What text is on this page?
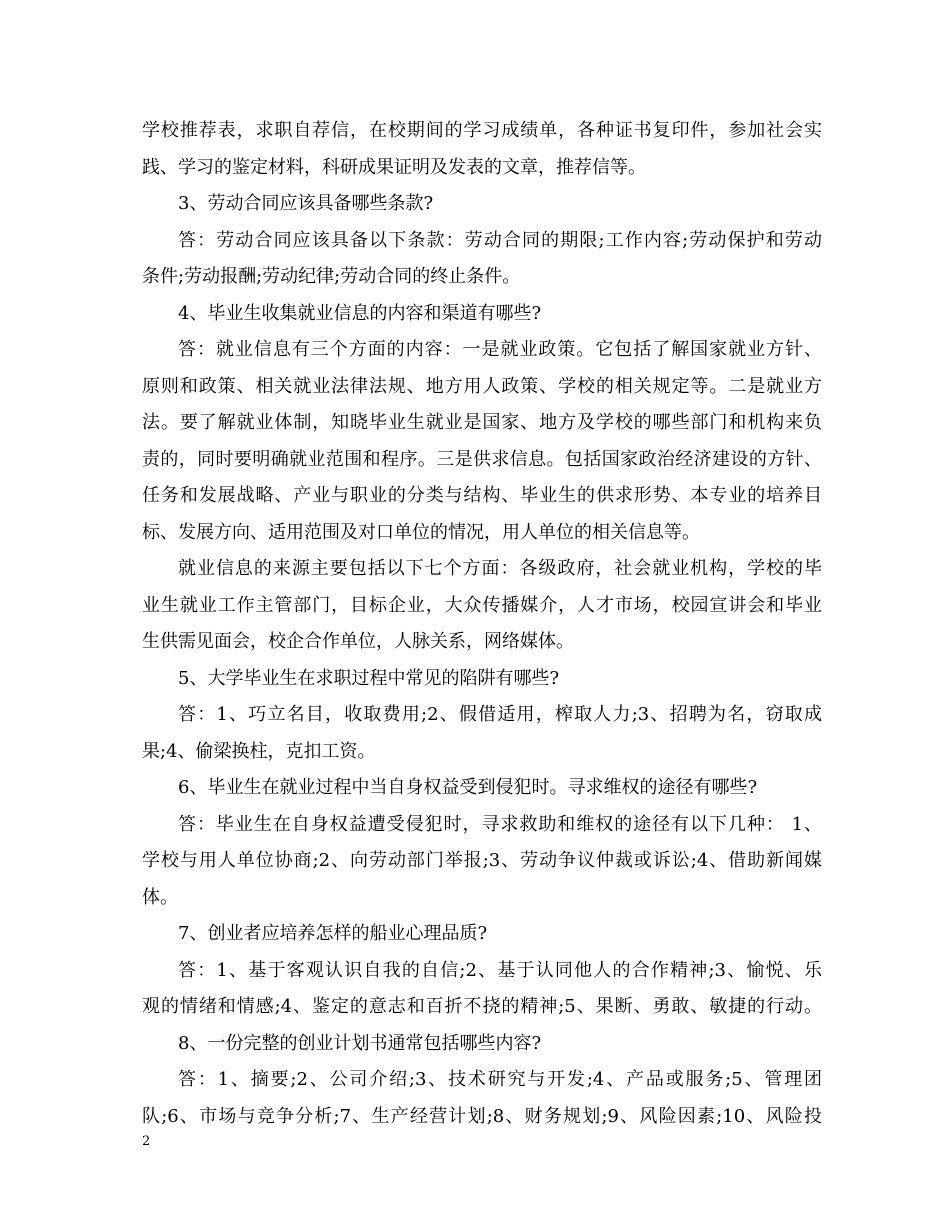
学校推荐表，求职自荐信，在校期间的学习成绩单，各种证书复印件，参加社会实
践、学习的鉴定材料，科研成果证明及发表的文章，推荐信等。
3、劳动合同应该具备哪些条款?
答：劳动合同应该具备以下条款：劳动合同的期限;工作内容;劳动保护和劳动
条件;劳动报酬;劳动纪律;劳动合同的终止条件。
4、毕业生收集就业信息的内容和渠道有哪些?
答：就业信息有三个方面的内容：一是就业政策。它包括了解国家就业方针、
原则和政策、相关就业法律法规、地方用人政策、学校的相关规定等。二是就业方
法。要了解就业体制，知晓毕业生就业是国家、地方及学校的哪些部门和机构来负
责的，同时要明确就业范围和程序。三是供求信息。包括国家政治经济建设的方针、
任务和发展战略、产业与职业的分类与结构、毕业生的供求形势、本专业的培养目
标、发展方向、适用范围及对口单位的情况，用人单位的相关信息等。
就业信息的来源主要包括以下七个方面：各级政府，社会就业机构，学校的毕
业生就业工作主管部门，目标企业，大众传播媒介，人才市场，校园宣讲会和毕业
生供需见面会，校企合作单位，人脉关系，网络媒体。
5、大学毕业生在求职过程中常见的陷阱有哪些?
答：1、巧立名目，收取费用;2、假借适用，榨取人力;3、招聘为名，窃取成
果;4、偷梁换柱，克扣工资。
6、毕业生在就业过程中当自身权益受到侵犯时。寻求维权的途径有哪些?
答：毕业生在自身权益遭受侵犯时，寻求救助和维权的途径有以下几种： 1、
学校与用人单位协商;2、向劳动部门举报;3、劳动争议仲裁或诉讼;4、借助新闻媒
体。
7、创业者应培养怎样的船业心理品质?
答：1、基于客观认识自我的自信;2、基于认同他人的合作精神;3、愉悦、乐
观的情绪和情感;4、鉴定的意志和百折不挠的精神;5、果断、勇敢、敏捷的行动。
8、一份完整的创业计划书通常包括哪些内容?
答：1、摘要;2、公司介绍;3、技术研究与开发;4、产品或服务;5、管理团
队;6、市场与竞争分析;7、生产经营计划;8、财务规划;9、风险因素;10、风险投
2
